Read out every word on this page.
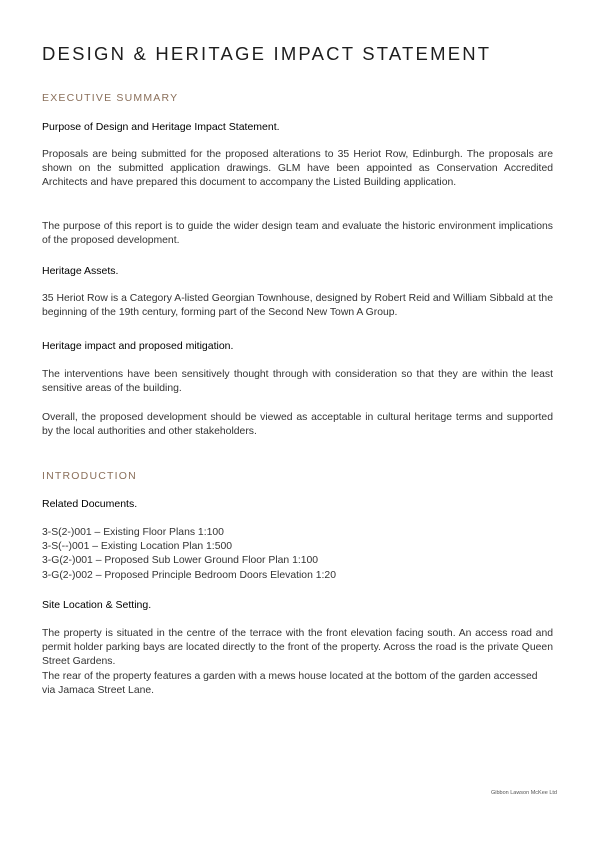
DESIGN & HERITAGE IMPACT STATEMENT
EXECUTIVE SUMMARY
Purpose of Design and Heritage Impact Statement.

Proposals are being submitted for the proposed alterations to 35 Heriot Row, Edinburgh. The proposals are shown on the submitted application drawings. GLM have been appointed as Conservation Accredited Architects and have prepared this document to accompany the Listed Building application.

The purpose of this report is to guide the wider design team and evaluate the historic environment implications of the proposed development.

Heritage Assets.

35 Heriot Row is a Category A-listed Georgian Townhouse, designed by Robert Reid and William Sibbald at the beginning of the 19th century, forming part of the Second New Town A Group.

Heritage impact and proposed mitigation.

The interventions have been sensitively thought through with consideration so that they are within the least sensitive areas of the building.

Overall, the proposed development should be viewed as acceptable in cultural heritage terms and supported by the local authorities and other stakeholders.

INTRODUCTION
Related Documents.
3-S(2-)001 – Existing Floor Plans 1:100
3-S(--)001 – Existing Location Plan 1:500
3-G(2-)001 – Proposed Sub Lower Ground Floor Plan 1:100
3-G(2-)002 – Proposed Principle Bedroom Doors Elevation 1:20
Site Location & Setting.

The property is situated in the centre of the terrace with the front elevation facing south. An access road and permit holder parking bays are located directly to the front of the property. Across the road is the private Queen Street Gardens.

The rear of the property features a garden with a mews house located at the bottom of the garden accessed via Jamaca Street Lane.

Gibbon Lawson McKee Ltd
